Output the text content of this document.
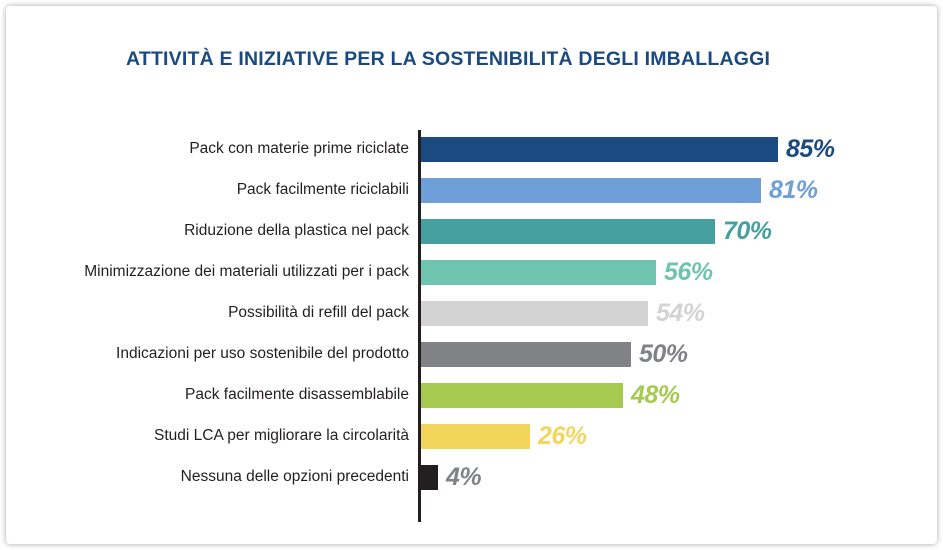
ATTIVITÀ E INIZIATIVE PER LA SOSTENIBILITÀ DEGLI IMBALLAGGI
Pack con materie prime riciclate	85%
Pack facilmente riciclabili	81%
Riduzione della plastica nel pack	70%
Minimizzazione dei materiali utilizzati per i pack	56%
Possibilità di refill del pack	54%
Indicazioni per uso sostenibile del prodotto	50%
Pack facilmente disassemblabile	48%
Studi LCA per migliorare la circolarità	26%
Nessuna delle opzioni precedenti 4%
